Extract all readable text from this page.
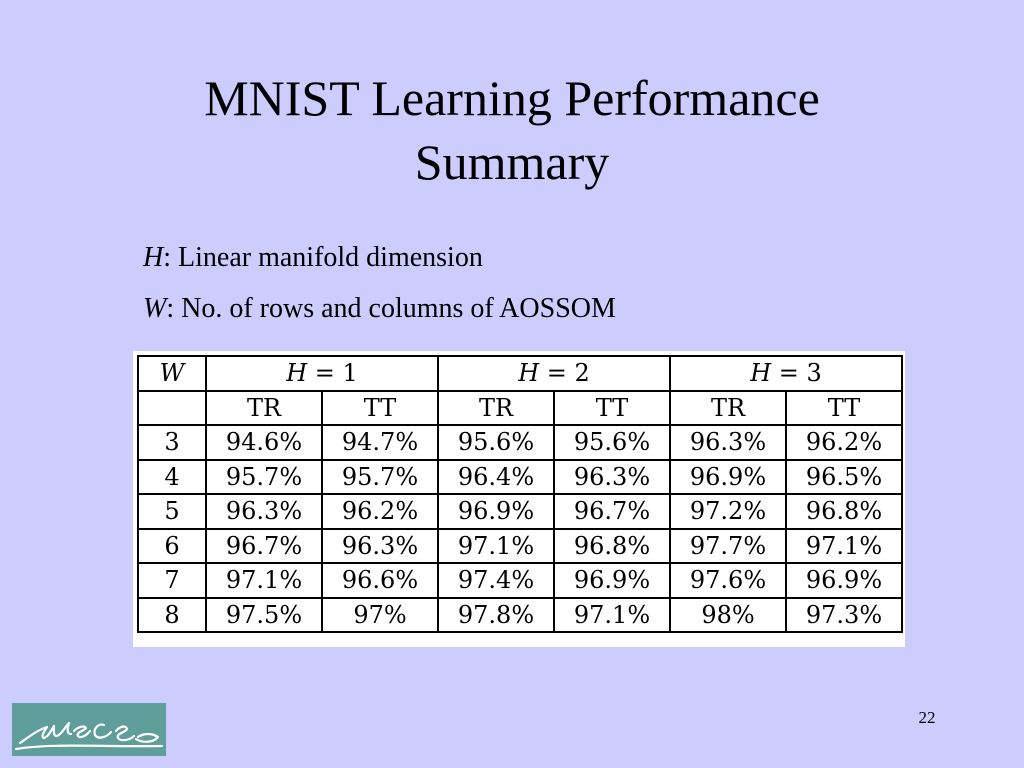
MNIST Learning Performance
Summary
H: Linear manifold dimension
W: No. of rows and columns of AOSSOM
W	H = 1		H = 2		H = 3	
	TR	TT	TR	TT	TR	TT
3	94.6%	94.7%	95.6%	95.6%	96.3%	96.2%
4	95.7%	95.7%	96.4%	96.3%	96.9%	96.5%
5	96.3%	96.2%	96.9%	96.7%	97.2%	96.8%
6	96.7%	96.3%	97.1%	96.8%	97.7%	97.1%
7	97.1%	96.6%	97.4%	96.9%	97.6%	96.9%
8	97.5%	97%	97.8%	97.1%	98%	97.3%
22
